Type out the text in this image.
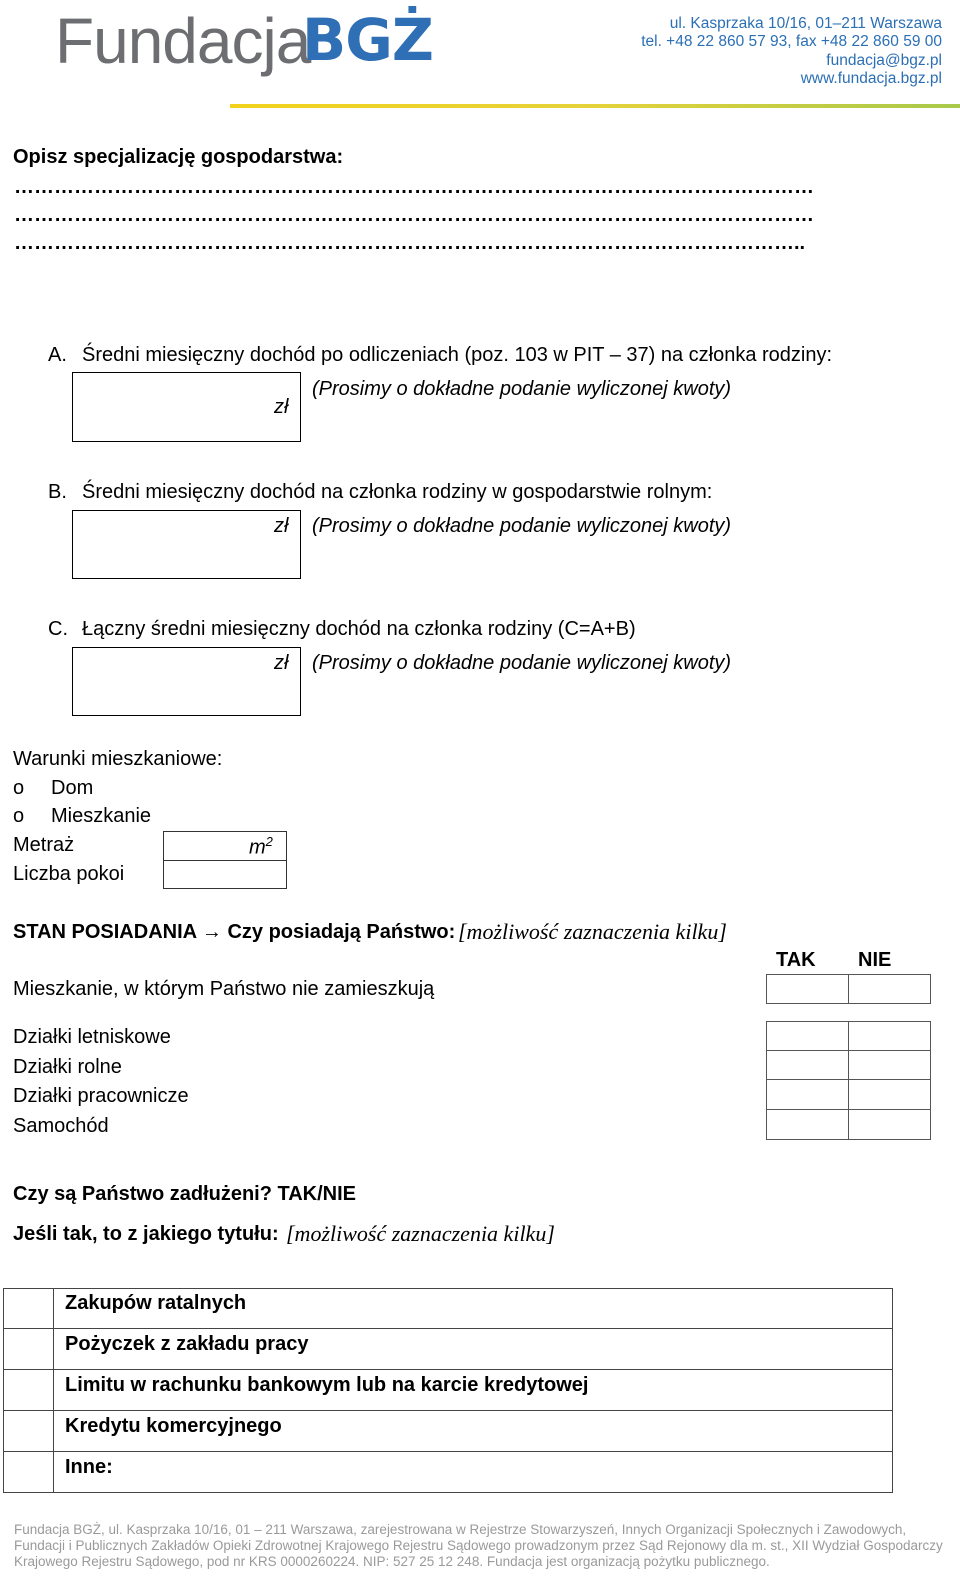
Fundacja
BGŻ	ul. Kasprzaka 10/16, 01–211 Warszawa
tel. +48 22 860 57 93, fax +48 22 860 59 00
fundacja@bgz.pl
www.fundacja.bgz.pl
Opisz specjalizację gospodarstwa:
…………………………………………………………………………………………………………
…………………………………………………………………………………………………………
………………………………………………………………………………………………………..
A. Średni miesięczny dochód po odliczeniach (poz. 103 w PIT – 37) na członka rodziny:
zł
(Prosimy o dokładne podanie wyliczonej kwoty)
B. Średni miesięczny dochód na członka rodziny w gospodarstwie rolnym:
zł (Prosimy o dokładne podanie wyliczonej kwoty)
C. Łączny średni miesięczny dochód na członka rodziny (C=A+B)
zł (Prosimy o dokładne podanie wyliczonej kwoty)
Warunki mieszkaniowe:
o Dom
o Mieszkanie
Metraż	$m^2$
Liczba pokoi
STAN POSIADANIA → Czy posiadają Państwo: [możliwość zaznaczenia kilku]
TAK NIE
Mieszkanie, w którym Państwo nie zamieszkują
Działki letniskowe
Działki rolne
Działki pracownicze
Samochód
Czy są Państwo zadłużeni? TAK/NIE
Jeśli tak, to z jakiego tytułu: [możliwość zaznaczenia kilku]
Zakupów ratalnych
Pożyczek z zakładu pracy
Limitu w rachunku bankowym lub na karcie kredytowej
Kredytu komercyjnego
Inne:
Fundacja BGŻ, ul. Kasprzaka 10/16, 01 – 211 Warszawa, zarejestrowana w Rejestrze Stowarzyszeń, Innych Organizacji Społecznych i Zawodowych,
Fundacji i Publicznych Zakładów Opieki Zdrowotnej Krajowego Rejestru Sądowego prowadzonym przez Sąd Rejonowy dla m. st., XII Wydział Gospodarczy
Krajowego Rejestru Sądowego, pod nr KRS 0000260224. NIP: 527 25 12 248. Fundacja jest organizacją pożytku publicznego.
